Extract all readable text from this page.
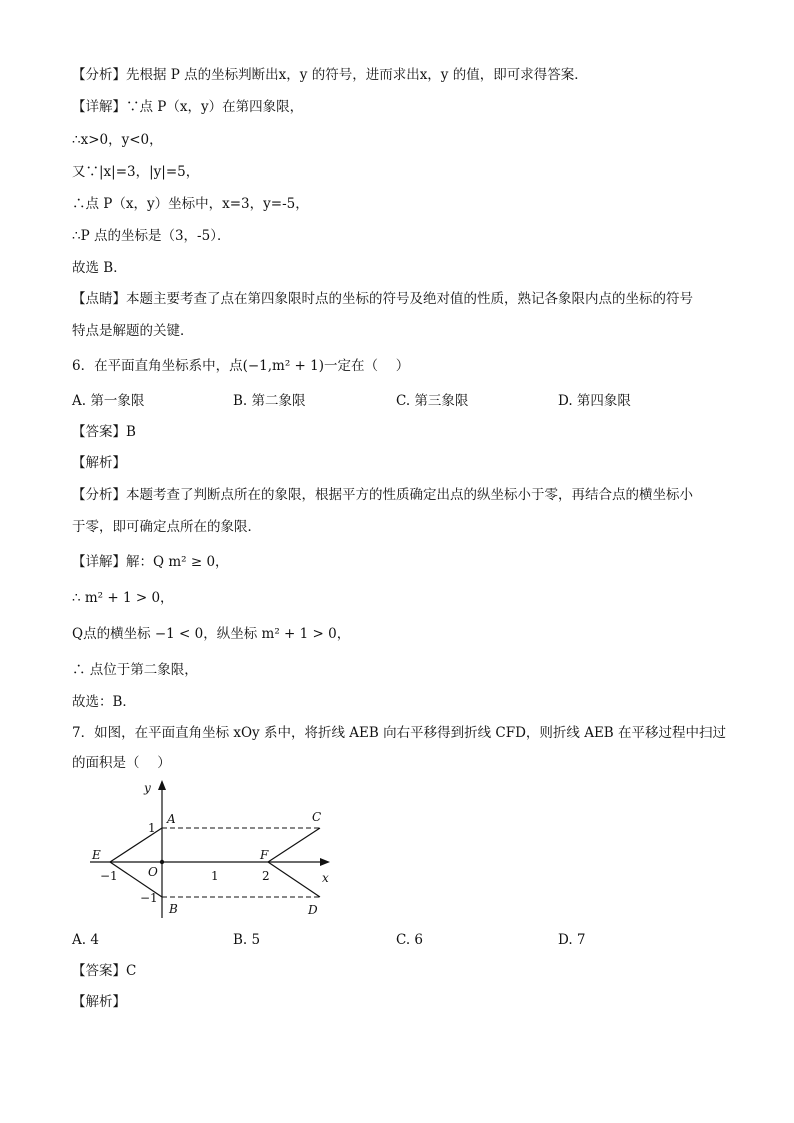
【分析】先根据 P 点的坐标判断出x，y 的符号，进而求出x，y 的值，即可求得答案．
【详解】∵点 P（x，y）在第四象限，
∴x>0，y<0，
又∵|x|=3，|y|=5，
∴点 P（x，y）坐标中，x=3，y=-5，
∴P 点的坐标是（3，-5）．
故选 B．
【点睛】本题主要考查了点在第四象限时点的坐标的符号及绝对值的性质，熟记各象限内点的坐标的符号
特点是解题的关键．
6．在平面直角坐标系中，点(−1,m² + 1)一定在（　 ）
A. 第一象限	B. 第二象限	C. 第三象限	D. 第四象限
【答案】B
【解析】
【分析】本题考查了判断点所在的象限，根据平方的性质确定出点的纵坐标小于零，再结合点的横坐标小
于零，即可确定点所在的象限．
【详解】解：Q m² ≥ 0，
∴ m² + 1 > 0，
Q点的横坐标 −1 < 0，纵坐标 m² + 1 > 0，
∴ 点位于第二象限，
故选：B．
7．如图，在平面直角坐标 xOy 系中，将折线 AEB 向右平移得到折线 CFD，则折线 AEB 在平移过程中扫过
的面积是（　 ）
y
x
A
B
C
D
E	F
O
1
−1
−1	1	2
A. 4	B. 5	C. 6	D. 7
【答案】C
【解析】
